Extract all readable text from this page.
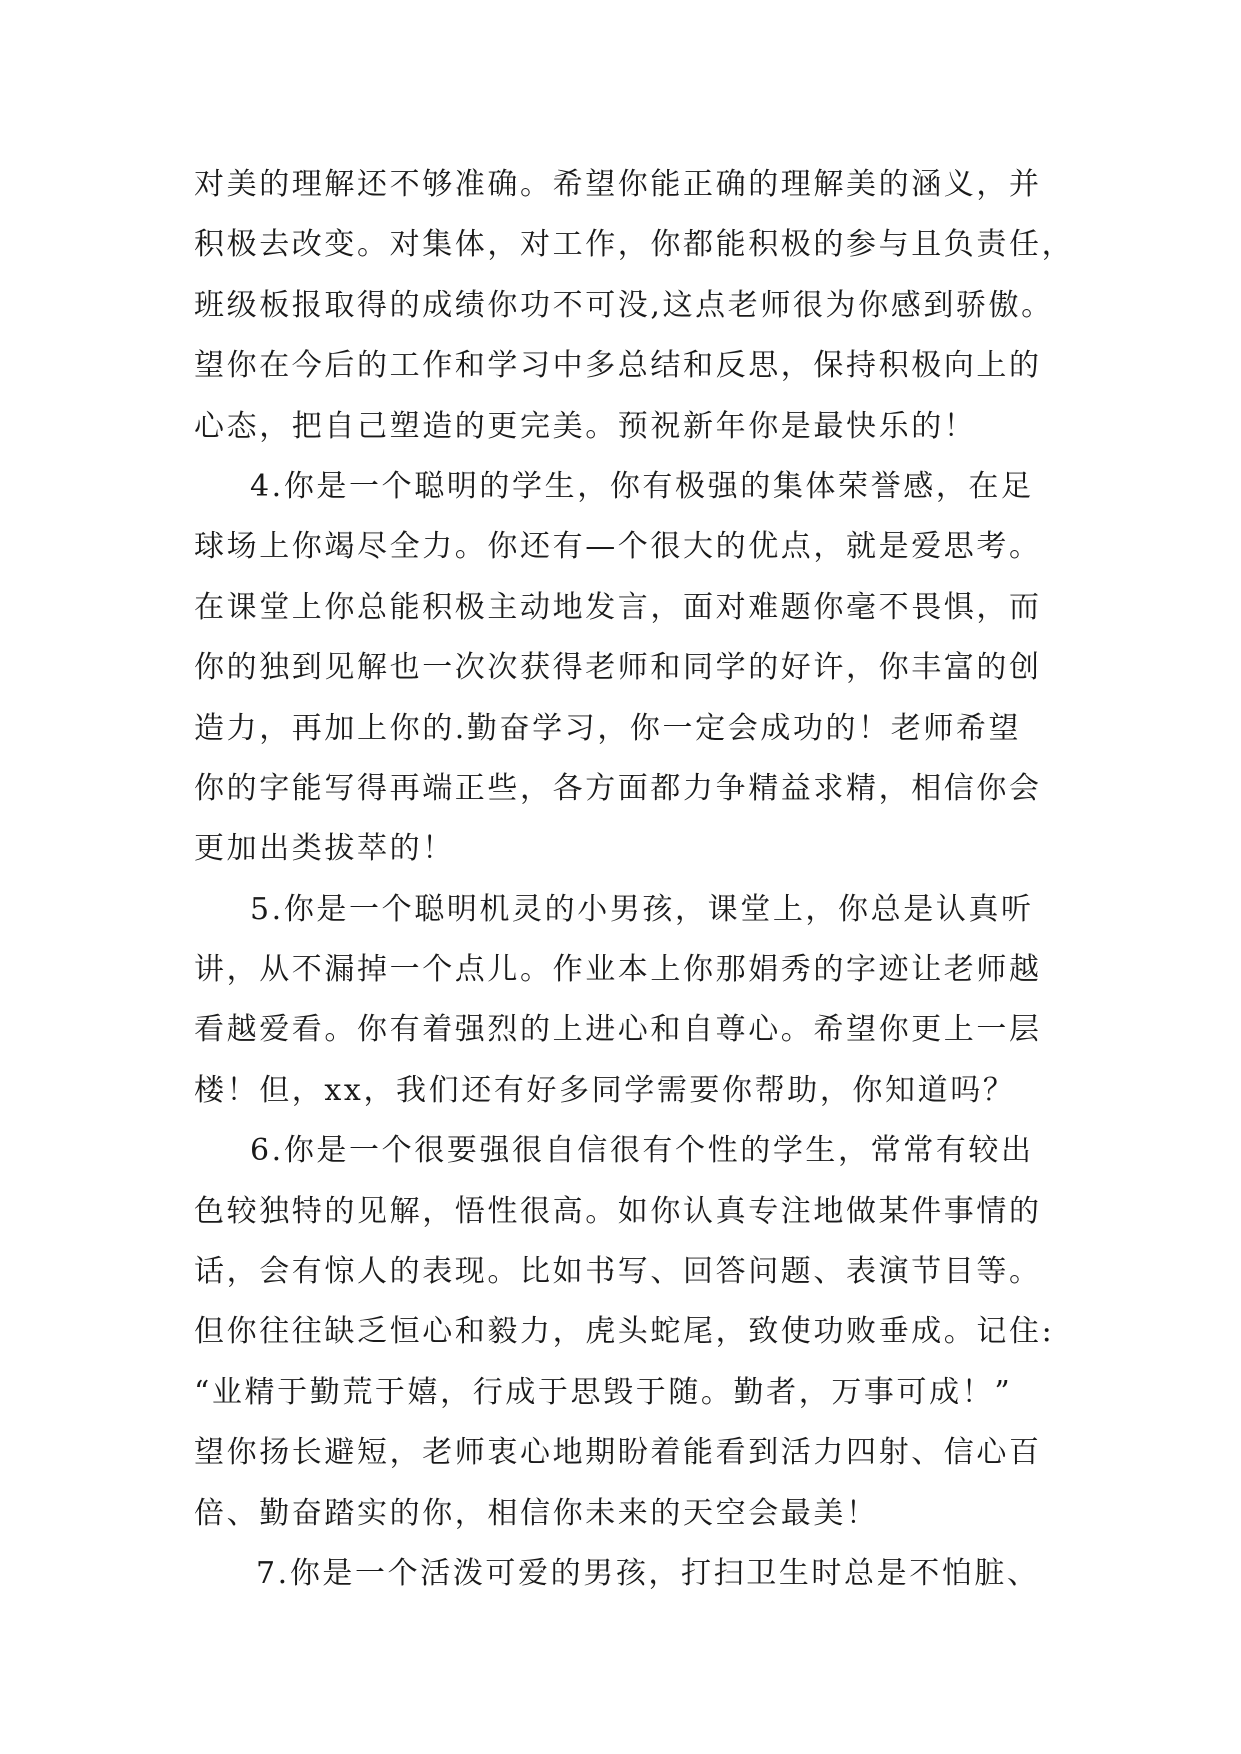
对美的理解还不够准确。希望你能正确的理解美的涵义，并
积极去改变。对集体，对工作，你都能积极的参与且负责任，
班级板报取得的成绩你功不可没,这点老师很为你感到骄傲。
望你在今后的工作和学习中多总结和反思，保持积极向上的
心态，把自己塑造的更完美。预祝新年你是最快乐的！
4.你是一个聪明的学生，你有极强的集体荣誉感，在足
球场上你竭尽全力。你还有—个很大的优点，就是爱思考。
在课堂上你总能积极主动地发言，面对难题你毫不畏惧，而
你的独到见解也一次次获得老师和同学的好许，你丰富的创
造力，再加上你的.勤奋学习，你一定会成功的！老师希望
你的字能写得再端正些，各方面都力争精益求精，相信你会
更加出类拔萃的！
5.你是一个聪明机灵的小男孩，课堂上，你总是认真听
讲，从不漏掉一个点儿。作业本上你那娟秀的字迹让老师越
看越爱看。你有着强烈的上进心和自尊心。希望你更上一层
楼！但，xx，我们还有好多同学需要你帮助，你知道吗？
6.你是一个很要强很自信很有个性的学生，常常有较出
色较独特的见解，悟性很高。如你认真专注地做某件事情的
话，会有惊人的表现。比如书写、回答问题、表演节目等。
但你往往缺乏恒心和毅力，虎头蛇尾，致使功败垂成。记住:
“业精于勤荒于嬉，行成于思毁于随。勤者，万事可成！”
望你扬长避短，老师衷心地期盼着能看到活力四射、信心百
倍、勤奋踏实的你，相信你未来的天空会最美！
7.你是一个活泼可爱的男孩，打扫卫生时总是不怕脏、
